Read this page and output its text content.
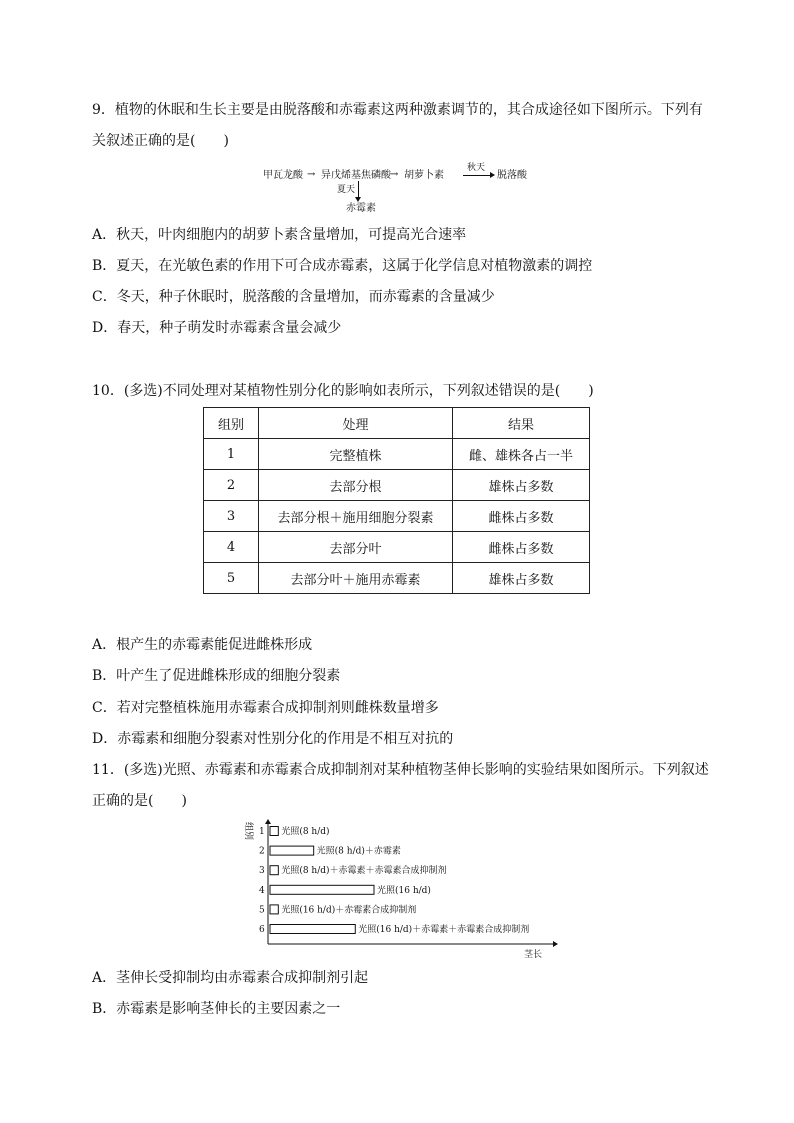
9．植物的休眠和生长主要是由脱落酸和赤霉素这两种激素调节的，其合成途径如下图所示。下列有
关叙述正确的是(　　)
甲瓦龙酸 → 异戊烯基焦磷酸 → 胡萝卜素
秋天
脱落酸
夏天
赤霉素
A．秋天，叶肉细胞内的胡萝卜素含量增加，可提高光合速率
B．夏天，在光敏色素的作用下可合成赤霉素，这属于化学信息对植物激素的调控
C．冬天，种子休眠时，脱落酸的含量增加，而赤霉素的含量减少
D．春天，种子萌发时赤霉素含量会减少
10．(多选)不同处理对某植物性别分化的影响如表所示，下列叙述错误的是(　　)
组别	处理	结果
1	完整植株	雌、雄株各占一半
2	去部分根	雄株占多数
3	去部分根＋施用细胞分裂素	雌株占多数
4	去部分叶	雌株占多数
5	去部分叶＋施用赤霉素	雄株占多数
A．根产生的赤霉素能促进雌株形成
B．叶产生了促进雌株形成的细胞分裂素
C．若对完整植株施用赤霉素合成抑制剂则雌株数量增多
D．赤霉素和细胞分裂素对性别分化的作用是不相互对抗的
11．(多选)光照、赤霉素和赤霉素合成抑制剂对某种植物茎伸长影响的实验结果如图所示。下列叙述
正确的是(　　)
组别
茎长
1 光照(8 h/d)
2	光照(8 h/d)＋赤霉素
3 光照(8 h/d)＋赤霉素＋赤霉素合成抑制剂
4	光照(16 h/d)
5 光照(16 h/d)＋赤霉素合成抑制剂
6	光照(16 h/d)＋赤霉素＋赤霉素合成抑制剂
A．茎伸长受抑制均由赤霉素合成抑制剂引起
B．赤霉素是影响茎伸长的主要因素之一
